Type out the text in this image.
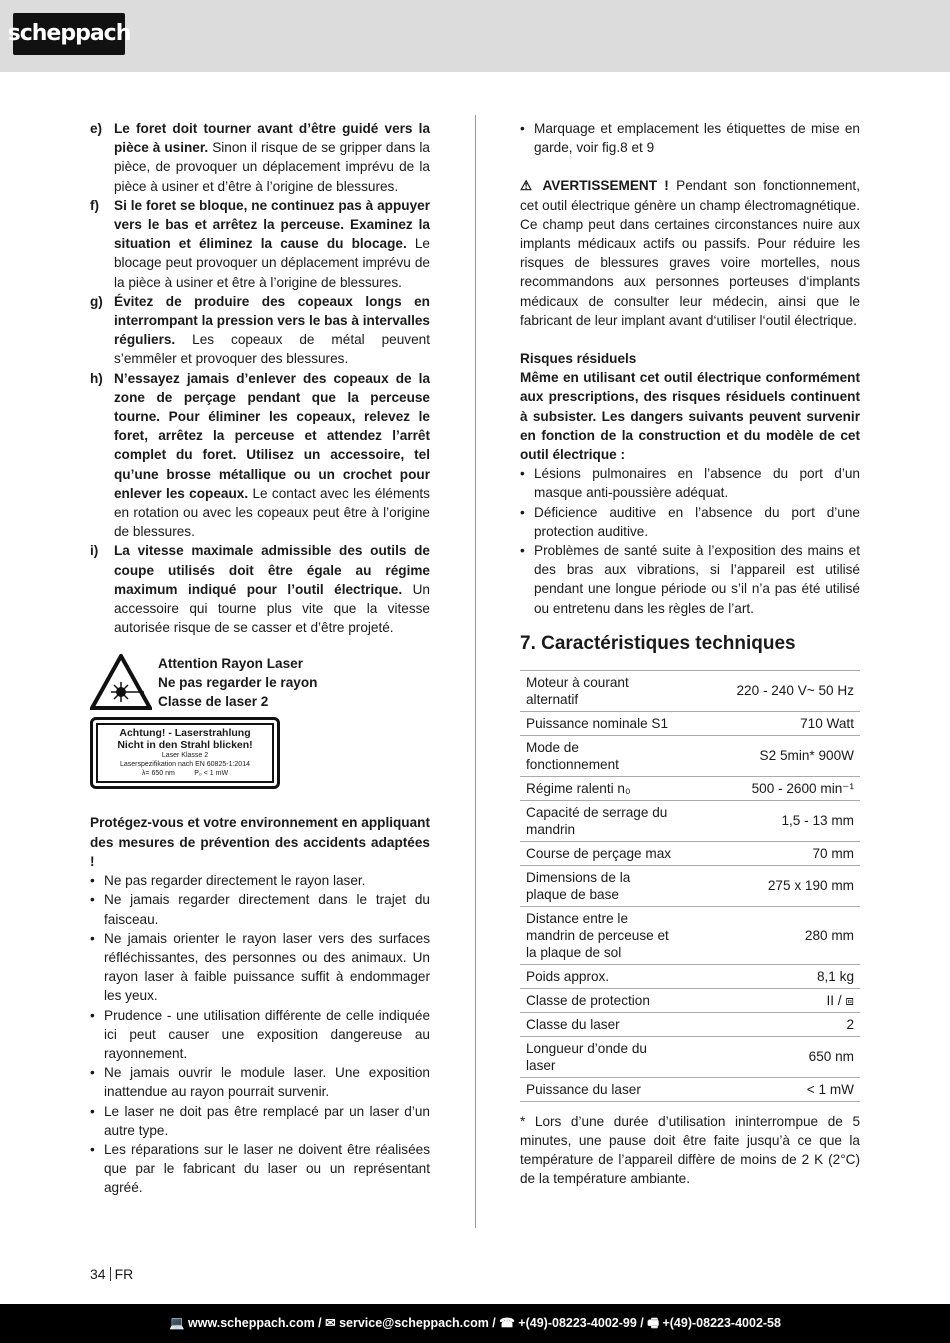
scheppach
e) Le foret doit tourner avant d’être guidé vers la pièce à usiner. Sinon il risque de se gripper dans la pièce, de provoquer un déplacement imprévu de la pièce à usiner et d’être à l’origine de blessures.
f)	Si le foret se bloque, ne continuez pas à appuyer vers le bas et arrêtez la perceuse. Examinez la situation et éliminez la cause du blocage. Le blocage peut provoquer un déplacement imprévu de la pièce à usiner et être à l’origine de blessures.
g) Évitez de produire des copeaux longs en interrompant la pression vers le bas à intervalles réguliers. Les copeaux de métal peuvent s’emmêler et provoquer des blessures.
h) N’essayez jamais d’enlever des copeaux de la zone de perçage pendant que la perceuse tourne. Pour éliminer les copeaux, relevez le foret, arrêtez la perceuse et attendez l’arrêt complet du foret. Utilisez un accessoire, tel qu’une brosse métallique ou un crochet pour enlever les copeaux. Le contact avec les éléments en rotation ou avec les copeaux peut être à l’origine de blessures.
i)	La vitesse maximale admissible des outils de coupe utilisés doit être égale au régime maximum indiqué pour l’outil électrique. Un accessoire qui tourne plus vite que la vitesse autorisée risque de se casser et d’être projeté.
Attention Rayon Laser
Ne pas regarder le rayon
Classe de laser 2
Achtung! - Laserstrahlung
Nicht in den Strahl blicken!
Laser Klasse 2
Laserspezifikation nach EN 60825-1:2014
λ= 650 nm          P₀ < 1 mW
Protégez-vous et votre environnement en appliquant des mesures de prévention des accidents adaptées !
• Ne pas regarder directement le rayon laser.
• Ne jamais regarder directement dans le trajet du faisceau.
• Ne jamais orienter le rayon laser vers des surfaces réfléchissantes, des personnes ou des animaux. Un rayon laser à faible puissance suffit à endommager les yeux.
• Prudence - une utilisation différente de celle indiquée ici peut causer une exposition dangereuse au rayonnement.
• Ne jamais ouvrir le module laser. Une exposition inattendue au rayon pourrait survenir.
• Le laser ne doit pas être remplacé par un laser d’un autre type.
• Les réparations sur le laser ne doivent être réalisées que par le fabricant du laser ou un représentant agréé.
• Marquage et emplacement les étiquettes de mise en garde, voir fig.8 et 9
⚠ AVERTISSEMENT ! Pendant son fonctionnement, cet outil électrique génère un champ électromagnétique. Ce champ peut dans certaines circonstances nuire aux implants médicaux actifs ou passifs. Pour réduire les risques de blessures graves voire mortelles, nous recommandons aux personnes porteuses d‘implants médicaux de consulter leur médecin, ainsi que le fabricant de leur implant avant d‘utiliser l‘outil électrique.
Risques résiduels
Même en utilisant cet outil électrique conformément aux prescriptions, des risques résiduels continuent à subsister. Les dangers suivants peuvent survenir en fonction de la construction et du modèle de cet outil électrique :
• Lésions pulmonaires en l’absence du port d’un masque anti-poussière adéquat.
• Déficience auditive en l’absence du port d’une protection auditive.
• Problèmes de santé suite à l’exposition des mains et des bras aux vibrations, si l’appareil est utilisé pendant une longue période ou s’il n’a pas été utilisé ou entretenu dans les règles de l’art.
7. Caractéristiques techniques
Moteur à courant alternatif	220 - 240 V~ 50 Hz
Puissance nominale S1	710 Watt
Mode de fonctionnement	S2 5min* 900W
Régime ralenti n₀	500 - 2600 min⁻¹
Capacité de serrage du mandrin	1,5 - 13 mm
Course de perçage max	70 mm
Dimensions de la plaque de base	275 x 190 mm
Distance entre le mandrin de perceuse et la plaque de sol	280 mm
Poids approx.	8,1 kg
Classe de protection	II / ⧈
Classe du laser	2
Longueur d’onde du laser	650 nm
Puissance du laser	< 1 mW
* Lors d’une durée d’utilisation ininterrompue de 5 minutes, une pause doit être faite jusqu’à ce que la température de l’appareil diffère de moins de 2 K (2°C) de la température ambiante.
34 FR
💻 www.scheppach.com / ✉ service@scheppach.com / ☎ +(49)-08223-4002-99 / 🖷 +(49)-08223-4002-58
